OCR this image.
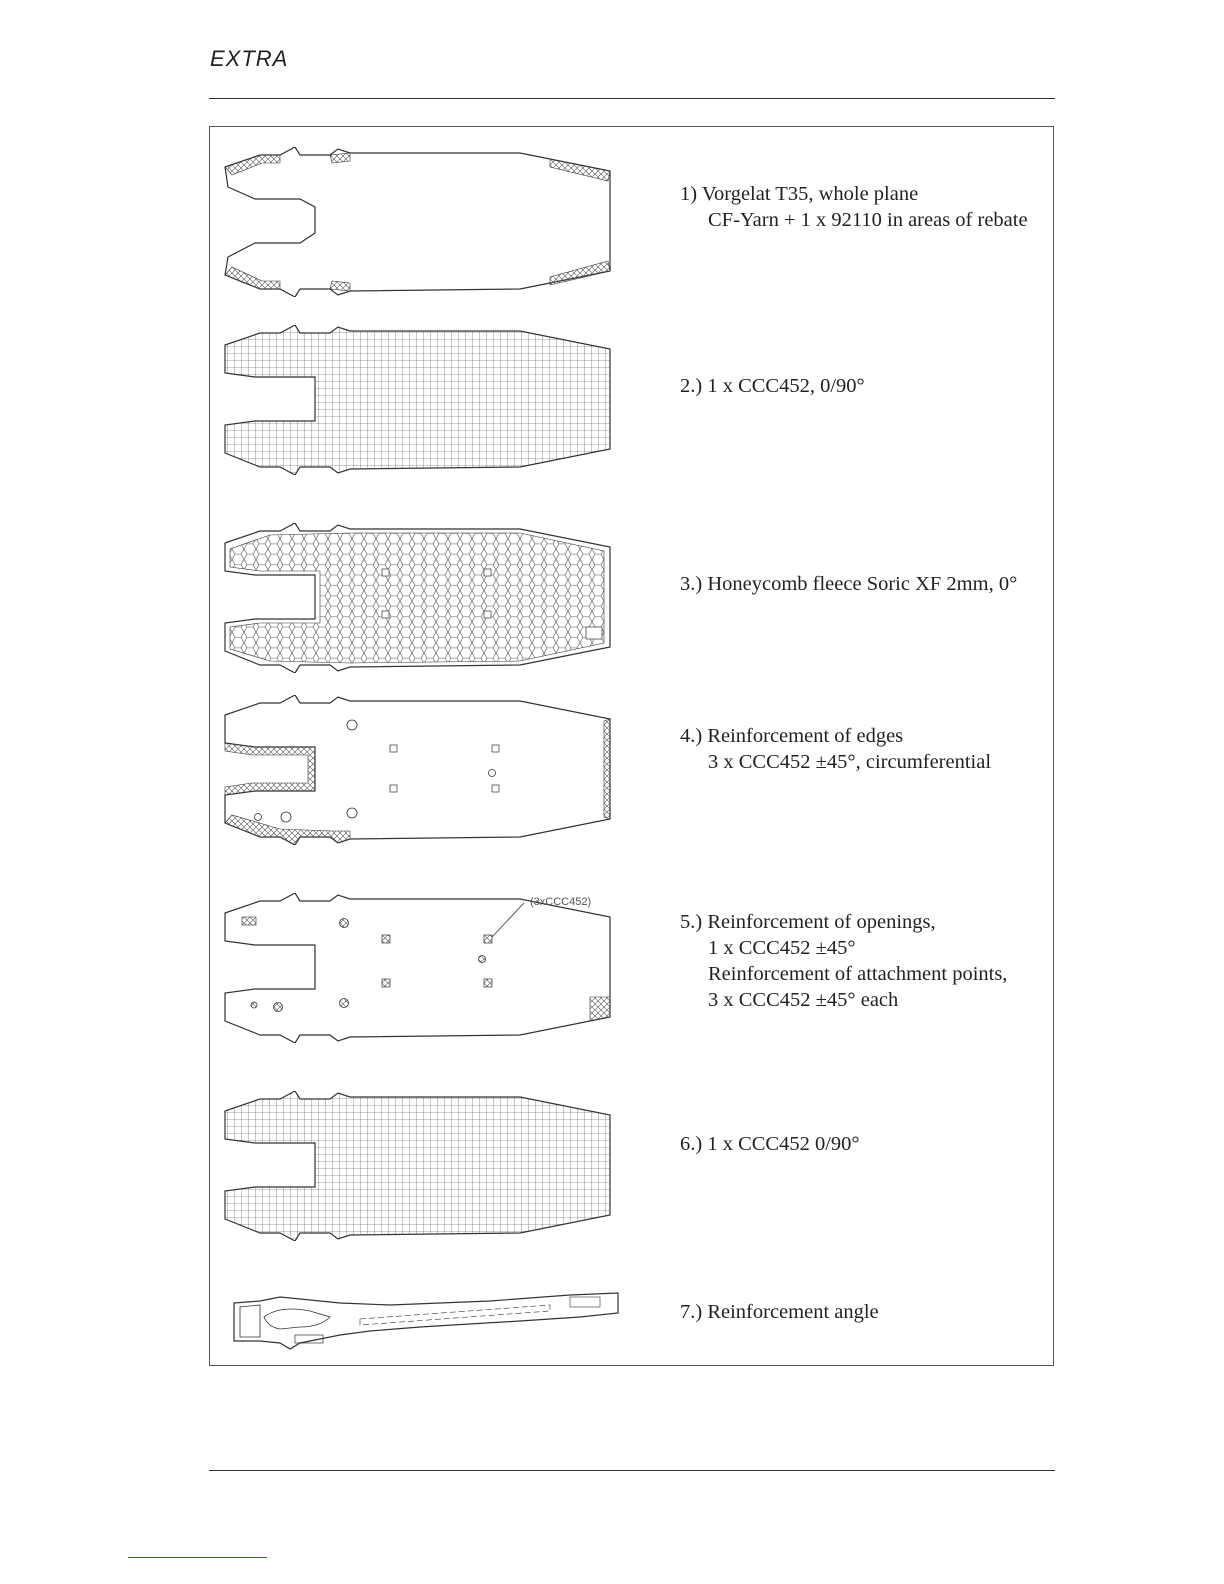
EXTRA
1) Vorgelat T35, whole plane
CF-Yarn + 1 x 92110 in areas of rebate
2.) 1 x CCC452, 0/90°
3.) Honeycomb fleece Soric XF 2mm, 0°
4.) Reinforcement of edges
3 x CCC452 ±45°, circumferential
(3xCCC452)
5.) Reinforcement of openings,
1 x CCC452 ±45°
Reinforcement of attachment points,
3 x CCC452 ±45° each
6.) 1 x CCC452 0/90°
7.) Reinforcement angle
